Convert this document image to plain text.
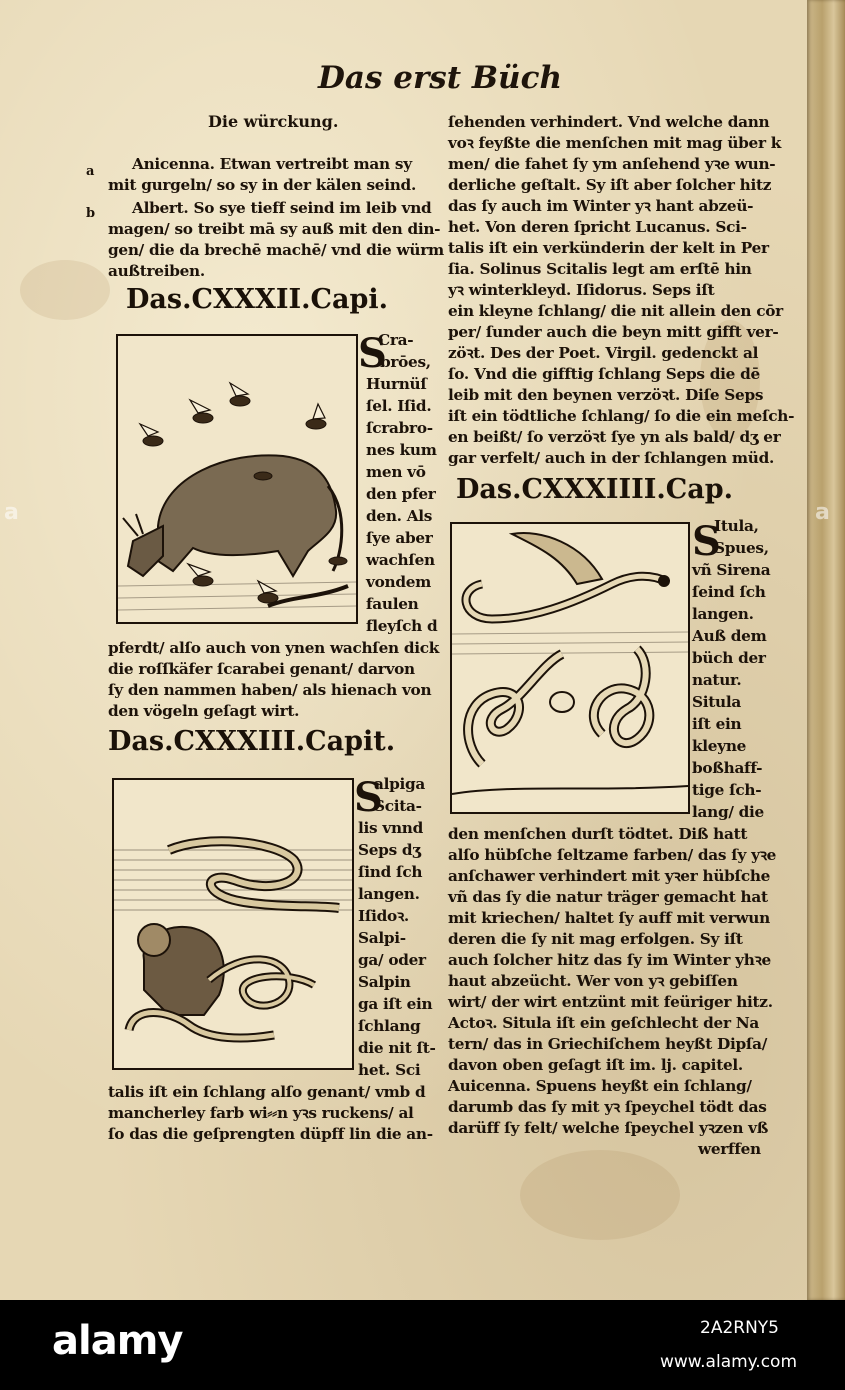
Das erst Büch
Die würckung.
a
b
Anicenna. Etwan vertreibt man sy
mit gurgeln/ so sy in der kälen seind.
Albert. So sye tieff seind im leib vnd
magen/ so treibt mā sy auß mit den din-
gen/ die da brechē machē/ vnd die würm
außtreiben.
Das.CXXXII.Capi.
S
Cra-
brōes,
Hurnüſ
ſel. Iſid.
ſcrabro-
nes kum
men vō
den pfer
den. Als
ſye aber
wachſen
vondem
faulen
fleyſch d
pferdt/ alſo auch von ynen wachſen dick
die roſſkäfer ſcarabei genant/ darvon
ſy den nammen haben/ als hienach von
den vögeln geſagt wirt.
Das.CXXXIII.Capit.
S
alpiga
Scita-
lis vnnd
Seps dʒ
ſind ſch
langen.
Iſidoꝛ.
Salpi-
ga/ oder
Salpin
ga iſt ein
ſchlang
die nit ſt-
het. Sci
talis iſt ein ſchlang alſo genant/ vmb d
mancherley farb wi⸗⸗n yꝛs ruckens/ al
ſo das die geſprengten düpff lin die an-
ſehenden verhindert. Vnd welche dann
voꝛ feyßte die menſchen mit mag über k
men/ die fahet ſy ym anſehend yꝛe wun-
derliche geſtalt. Sy iſt aber ſolcher hitz
das ſy auch im Winter yꝛ hant abzeü-
het. Von deren ſpricht Lucanus. Sci-
talis iſt ein verkünderin der kelt in Per
ſia. Solinus Scitalis legt am erſtē hin
yꝛ winterkleyd. Iſidorus. Seps iſt
ein kleyne ſchlang/ die nit allein den cōr
per/ ſunder auch die beyn mitt gifft ver-
zöꝛt. Des der Poet. Virgil. gedenckt al
ſo. Vnd die gifftig ſchlang Seps die dē
leib mit den beynen verzöꝛt. Diſe Seps
iſt ein tödtliche ſchlang/ ſo die ein meſch-
en beißt/ ſo verzöꝛt ſye yn als bald/ dʒ er
gar verfelt/ auch in der ſchlangen müd.
Das.CXXXIIII.Cap.
S
Itula,
Spues,
vñ Sirena
ſeind ſch
langen.
Auß dem
büch der
natur.
Situla
iſt ein
kleyne
boßhaff-
tige ſch-
lang/ die
den menſchen durſt tödtet. Diß hatt
alſo hübſche ſeltzame farben/ das ſy yꝛe
anſchawer verhindert mit yꝛer hübſche
vñ das ſy die natur träger gemacht hat
mit kriechen/ haltet ſy auff mit verwun
deren die ſy nit mag erfolgen. Sy iſt
auch ſolcher hitz das ſy im Winter yhꝛe
haut abzeücht. Wer von yꝛ gebiſſen
wirt/ der wirt entzünt mit feüriger hitz.
Actoꝛ. Situla iſt ein geſchlecht der Na
tern/ das in Griechiſchem heyßt Dipſa/
davon oben geſagt iſt im. lj. capitel.
Auicenna. Spuens heyßt ein ſchlang/
darumb das ſy mit yꝛ ſpeychel tödt das
darüff ſy felt/ welche ſpeychel yꝛzen vß
werffen
a	a
alamy	2A2RNY5
www.alamy.com
